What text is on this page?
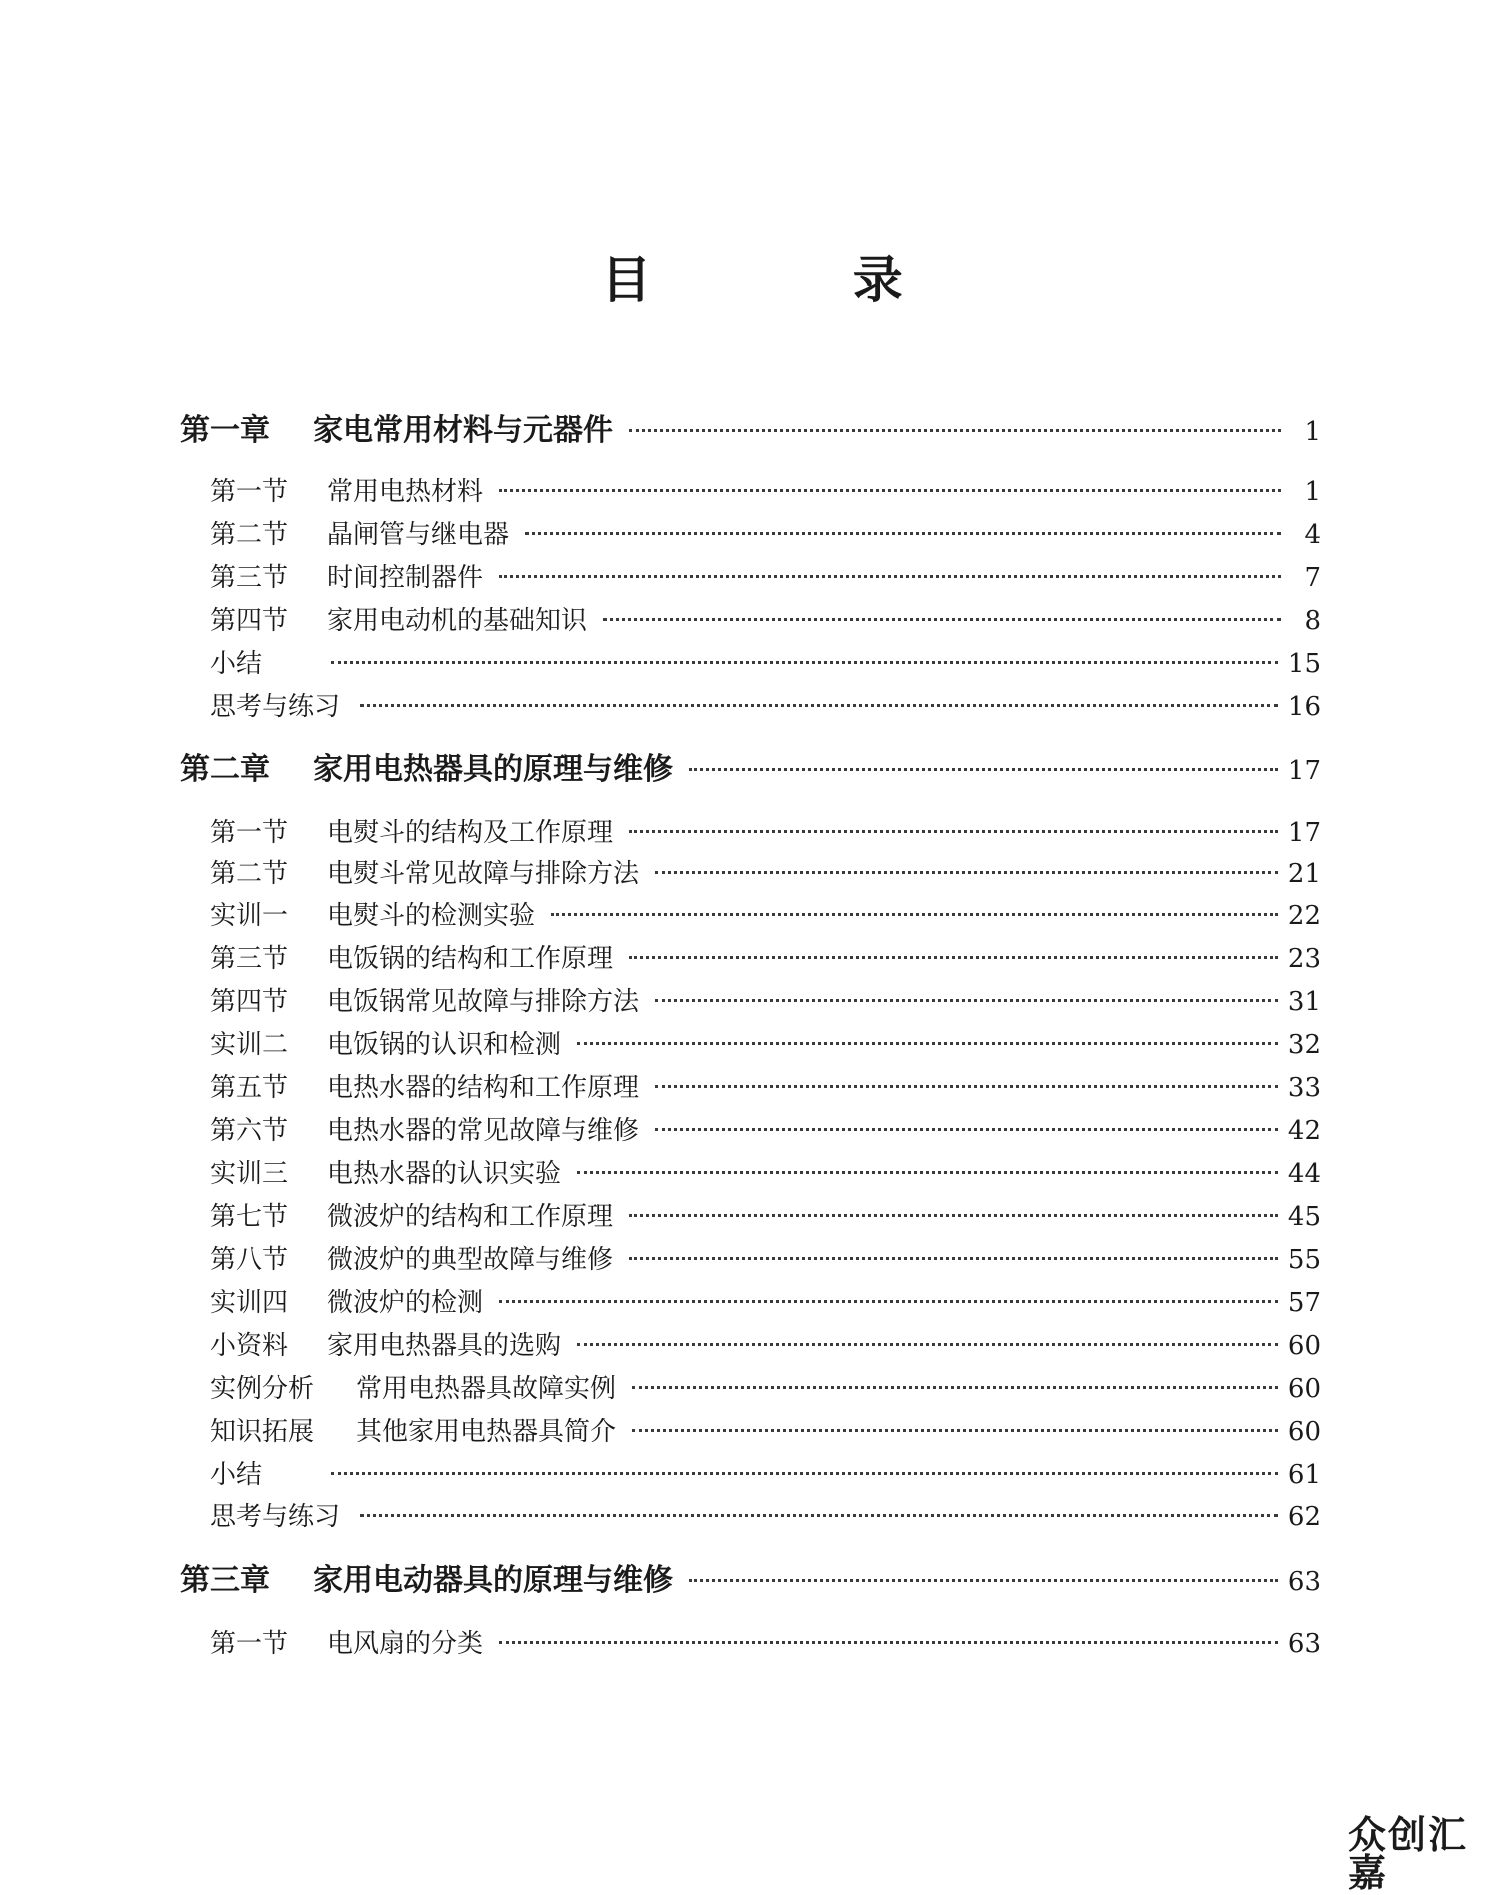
目 录
第一章	家电常用材料与元器件	1
第一节	常用电热材料	1
第二节	晶闸管与继电器	4
第三节	时间控制器件	7
第四节	家用电动机的基础知识	8
小结	15
思考与练习	16
第二章	家用电热器具的原理与维修	17
第一节	电熨斗的结构及工作原理	17
第二节	电熨斗常见故障与排除方法	21
实训一	电熨斗的检测实验	22
第三节	电饭锅的结构和工作原理	23
第四节	电饭锅常见故障与排除方法	31
实训二	电饭锅的认识和检测	32
第五节	电热水器的结构和工作原理	33
第六节	电热水器的常见故障与维修	42
实训三	电热水器的认识实验	44
第七节	微波炉的结构和工作原理	45
第八节	微波炉的典型故障与维修	55
实训四	微波炉的检测	57
小资料	家用电热器具的选购	60
实例分析	常用电热器具故障实例	60
知识拓展	其他家用电热器具简介	60
小结	61
思考与练习	62
第三章	家用电动器具的原理与维修	63
第一节	电风扇的分类	63
众创汇嘉
